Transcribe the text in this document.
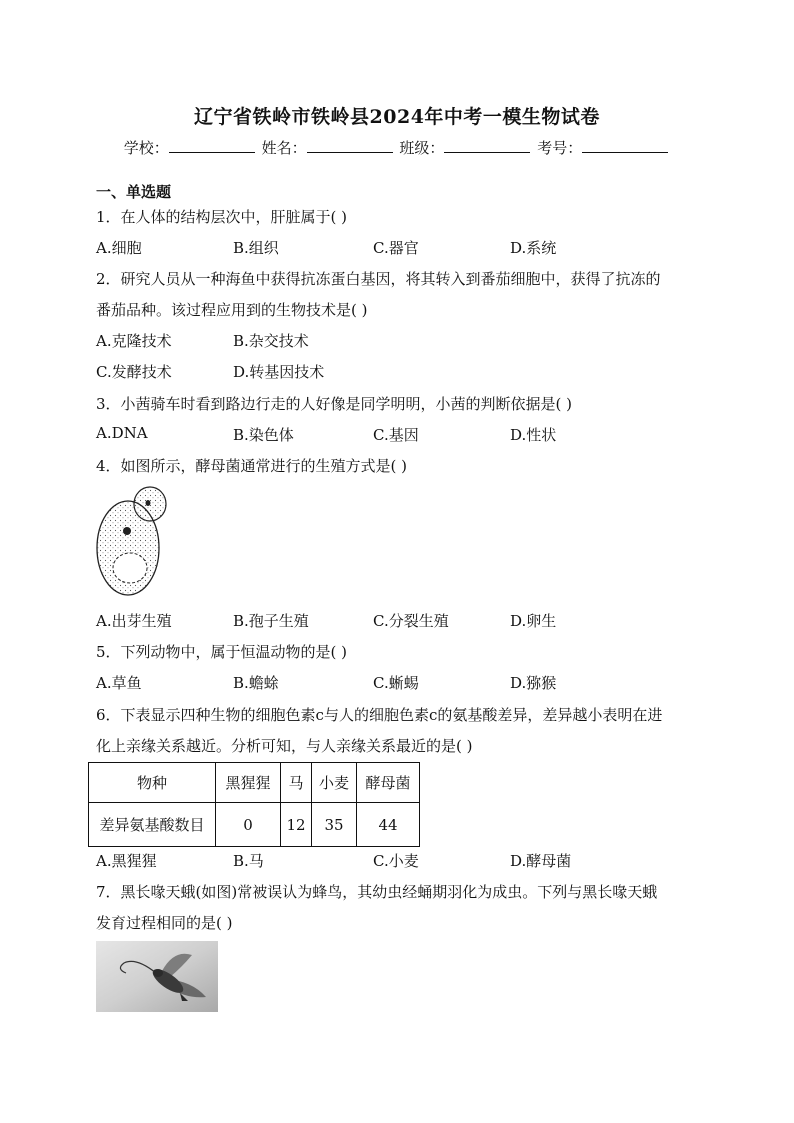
辽宁省铁岭市铁岭县2024年中考一模生物试卷
学校：	姓名：	班级：	考号：
一、单选题
1．在人体的结构层次中，肝脏属于( )
A.细胞	B.组织	C.器官	D.系统
2．研究人员从一种海鱼中获得抗冻蛋白基因，将其转入到番茄细胞中，获得了抗冻的
番茄品种。该过程应用到的生物技术是( )
A.克隆技术	B.杂交技术
C.发酵技术	D.转基因技术
3．小茜骑车时看到路边行走的人好像是同学明明，小茜的判断依据是( )
A.DNA	B.染色体	C.基因	D.性状
4．如图所示，酵母菌通常进行的生殖方式是( )
A.出芽生殖	B.孢子生殖	C.分裂生殖	D.卵生
5．下列动物中，属于恒温动物的是( )
A.草鱼	B.蟾蜍	C.蜥蜴	D.猕猴
6．下表显示四种生物的细胞色素c与人的细胞色素c的氨基酸差异，差异越小表明在进
化上亲缘关系越近。分析可知，与人亲缘关系最近的是( )
物种	黑猩猩	马	小麦	酵母菌
差异氨基酸数目	0	12	35	44
A.黑猩猩	B.马	C.小麦	D.酵母菌
7．黑长喙天蛾(如图)常被误认为蜂鸟，其幼虫经蛹期羽化为成虫。下列与黑长喙天蛾
发育过程相同的是( )
